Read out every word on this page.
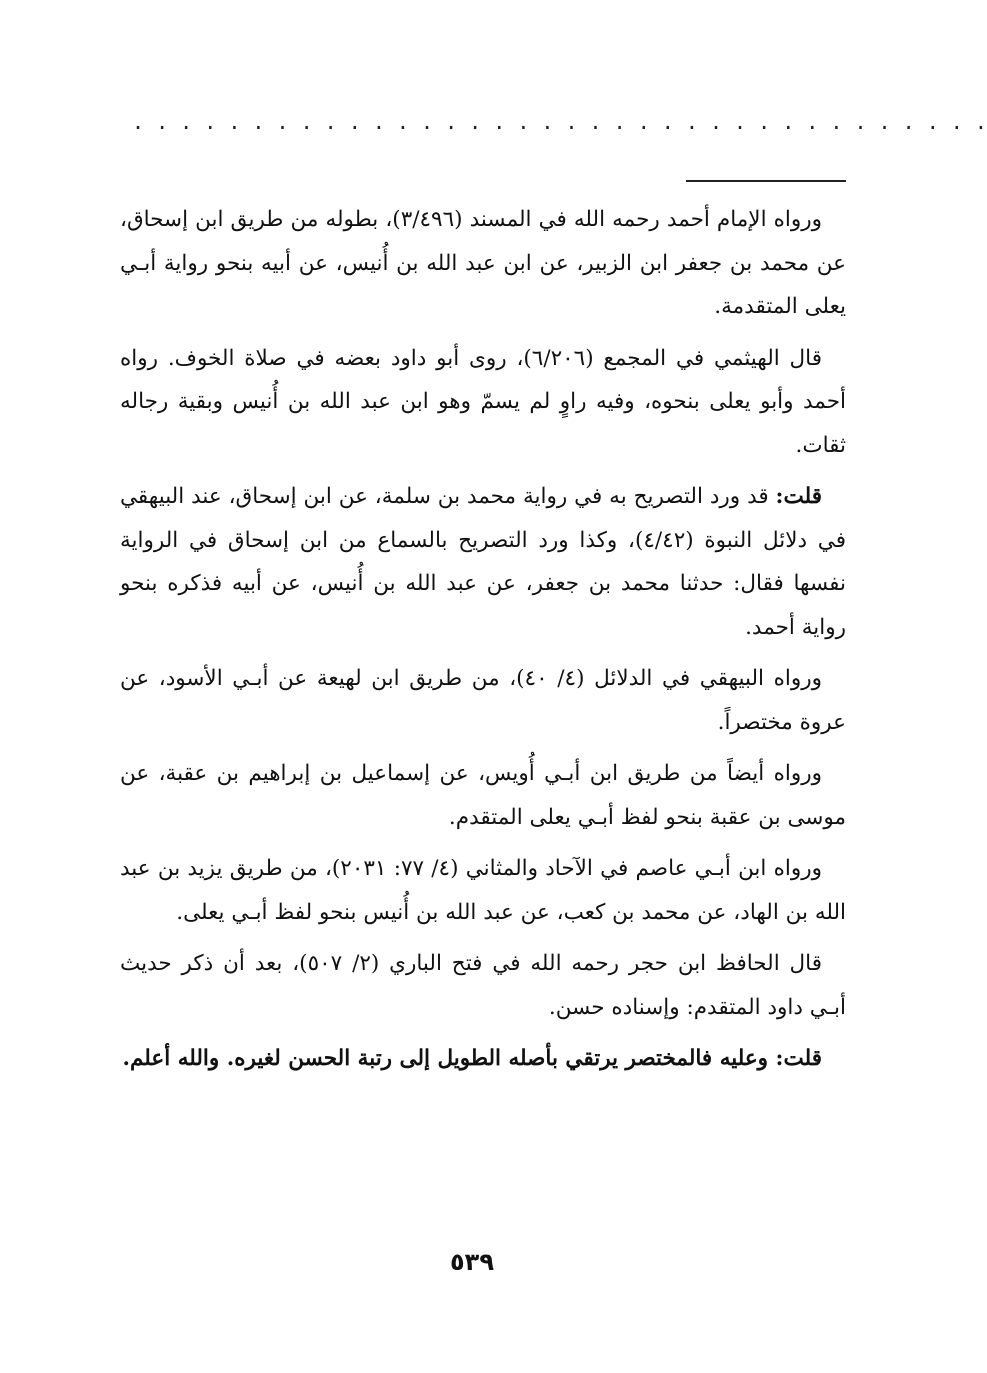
. . . . . . . . . . . . . . . . . . . . . . . . . . . . . . . . . . . .

ورواه الإمام أحمد رحمه الله في المسند (٣/٤٩٦)، بطوله من طريق ابن إسحاق، عن محمد بن جعفر ابن الزبير، عن ابن عبد الله بن أُنيس، عن أبيه بنحو رواية أبـي يعلى المتقدمة.

قال الهيثمي في المجمع (٦/٢٠٦)، روى أبو داود بعضه في صلاة الخوف. رواه أحمد وأبو يعلى بنحوه، وفيه راوٍ لم يسمّ وهو ابن عبد الله بن أُنيس وبقية رجاله ثقات.

قلت: قد ورد التصريح به في رواية محمد بن سلمة، عن ابن إسحاق، عند البيهقي في دلائل النبوة (٤/٤٢)، وكذا ورد التصريح بالسماع من ابن إسحاق في الرواية نفسها فقال: حدثنا محمد بن جعفر، عن عبد الله بن أُنيس، عن أبيه فذكره بنحو رواية أحمد.

ورواه البيهقي في الدلائل (٤/ ٤٠)، من طريق ابن لهيعة عن أبـي الأسود، عن عروة مختصراً.

ورواه أيضاً من طريق ابن أبـي أُويس، عن إسماعيل بن إبراهيم بن عقبة، عن موسى بن عقبة بنحو لفظ أبـي يعلى المتقدم.

ورواه ابن أبـي عاصم في الآحاد والمثاني (٤/ ٧٧: ٢٠٣١)، من طريق يزيد بن عبد الله بن الهاد، عن محمد بن كعب، عن عبد الله بن أُنيس بنحو لفظ أبـي يعلى.

قال الحافظ ابن حجر رحمه الله في فتح الباري (٢/ ٥٠٧)، بعد أن ذكر حديث أبـي داود المتقدم: وإسناده حسن.

قلت: وعليه فالمختصر يرتقي بأصله الطويل إلى رتبة الحسن لغيره. والله أعلم.

٥٣٩
